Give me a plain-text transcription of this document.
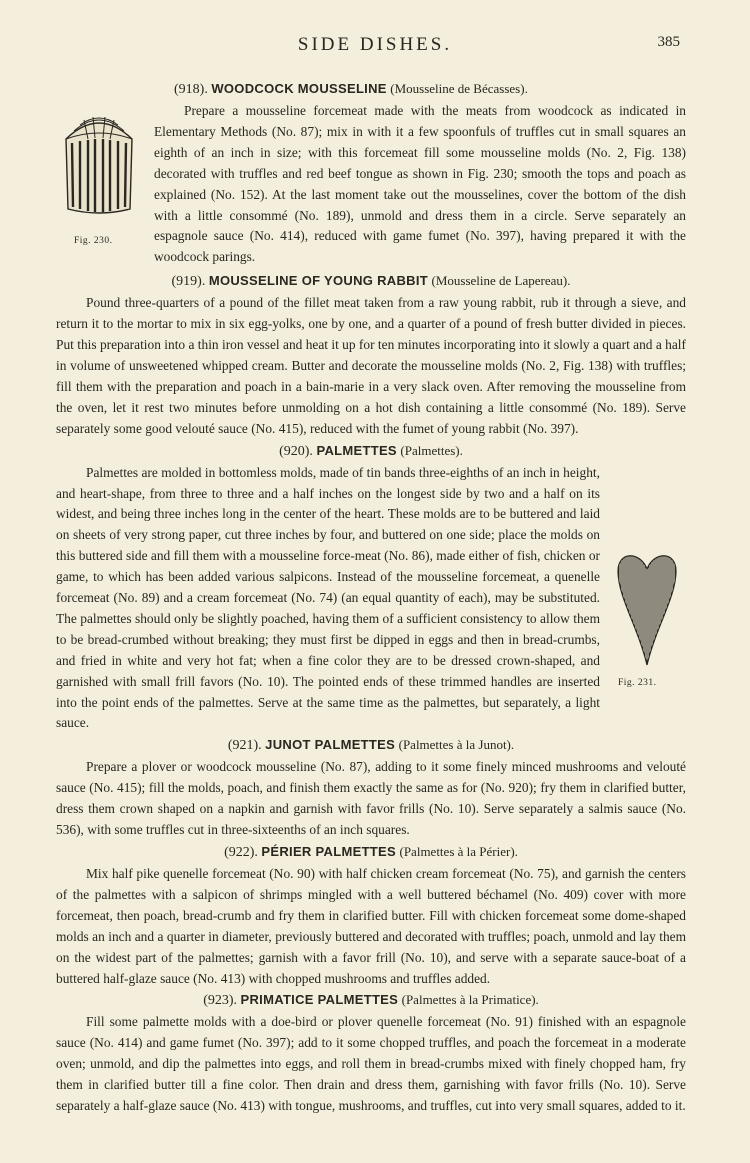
SIDE DISHES.	385
(918). WOODCOCK MOUSSELINE (Mousseline de Bécasses).
Fig. 230.

Prepare a mousseline forcemeat made with the meats from woodcock as indicated in Elementary Methods (No. 87); mix in with it a few spoonfuls of truffles cut in small squares an eighth of an inch in size; with this forcemeat fill some mousseline molds (No. 2, Fig. 138) decorated with truffles and red beef tongue as shown in Fig. 230; smooth the tops and poach as explained (No. 152). At the last moment take out the mousselines, cover the bottom of the dish with a little consommé (No. 189), unmold and dress them in a circle. Serve separately an espagnole sauce (No. 414), reduced with game fumet (No. 397), having prepared it with the woodcock parings.

(919). MOUSSELINE OF YOUNG RABBIT (Mousseline de Lapereau).

Pound three-quarters of a pound of the fillet meat taken from a raw young rabbit, rub it through a sieve, and return it to the mortar to mix in six egg-yolks, one by one, and a quarter of a pound of fresh butter divided in pieces. Put this preparation into a thin iron vessel and heat it up for ten minutes incorporating into it slowly a quart and a half in volume of unsweetened whipped cream. Butter and decorate the mousseline molds (No. 2, Fig. 138) with truffles; fill them with the preparation and poach in a bain-marie in a very slack oven. After removing the mousseline from the oven, let it rest two minutes before unmolding on a hot dish containing a little consommé (No. 189). Serve separately some good velouté sauce (No. 415), reduced with the fumet of young rabbit (No. 397).

(920). PALMETTES (Palmettes).
Fig. 231.

Palmettes are molded in bottomless molds, made of tin bands three-eighths of an inch in height, and heart-shape, from three to three and a half inches on the longest side by two and a half on its widest, and being three inches long in the center of the heart. These molds are to be buttered and laid on sheets of very strong paper, cut three inches by four, and buttered on one side; place the molds on this buttered side and fill them with a mousseline force-meat (No. 86), made either of fish, chicken or game, to which has been added various salpicons. Instead of the mousseline forcemeat, a quenelle forcemeat (No. 89) and a cream forcemeat (No. 74) (an equal quantity of each), may be substituted. The palmettes should only be slightly poached, having them of a sufficient consistency to allow them to be bread-crumbed without breaking; they must first be dipped in eggs and then in bread-crumbs, and fried in white and very hot fat; when a fine color they are to be dressed crown-shaped, and garnished with small frill favors (No. 10). The pointed ends of these trimmed handles are inserted into the point ends of the palmettes. Serve at the same time as the palmettes, but separately, a light sauce.

(921). JUNOT PALMETTES (Palmettes à la Junot).

Prepare a plover or woodcock mousseline (No. 87), adding to it some finely minced mushrooms and velouté sauce (No. 415); fill the molds, poach, and finish them exactly the same as for (No. 920); fry them in clarified butter, dress them crown shaped on a napkin and garnish with favor frills (No. 10). Serve separately a salmis sauce (No. 536), with some truffles cut in three-sixteenths of an inch squares.

(922). PÉRIER PALMETTES (Palmettes à la Périer).

Mix half pike quenelle forcemeat (No. 90) with half chicken cream forcemeat (No. 75), and garnish the centers of the palmettes with a salpicon of shrimps mingled with a well buttered béchamel (No. 409) cover with more forcemeat, then poach, bread-crumb and fry them in clarified butter. Fill with chicken forcemeat some dome-shaped molds an inch and a quarter in diameter, previously buttered and decorated with truffles; poach, unmold and lay them on the widest part of the palmettes; garnish with a favor frill (No. 10), and serve with a separate sauce-boat of a buttered half-glaze sauce (No. 413) with chopped mushrooms and truffles added.

(923). PRIMATICE PALMETTES (Palmettes à la Primatice).

Fill some palmette molds with a doe-bird or plover quenelle forcemeat (No. 91) finished with an espagnole sauce (No. 414) and game fumet (No. 397); add to it some chopped truffles, and poach the forcemeat in a moderate oven; unmold, and dip the palmettes into eggs, and roll them in bread-crumbs mixed with finely chopped ham, fry them in clarified butter till a fine color. Then drain and dress them, garnishing with favor frills (No. 10). Serve separately a half-glaze sauce (No. 413) with tongue, mushrooms, and truffles, cut into very small squares, added to it.
